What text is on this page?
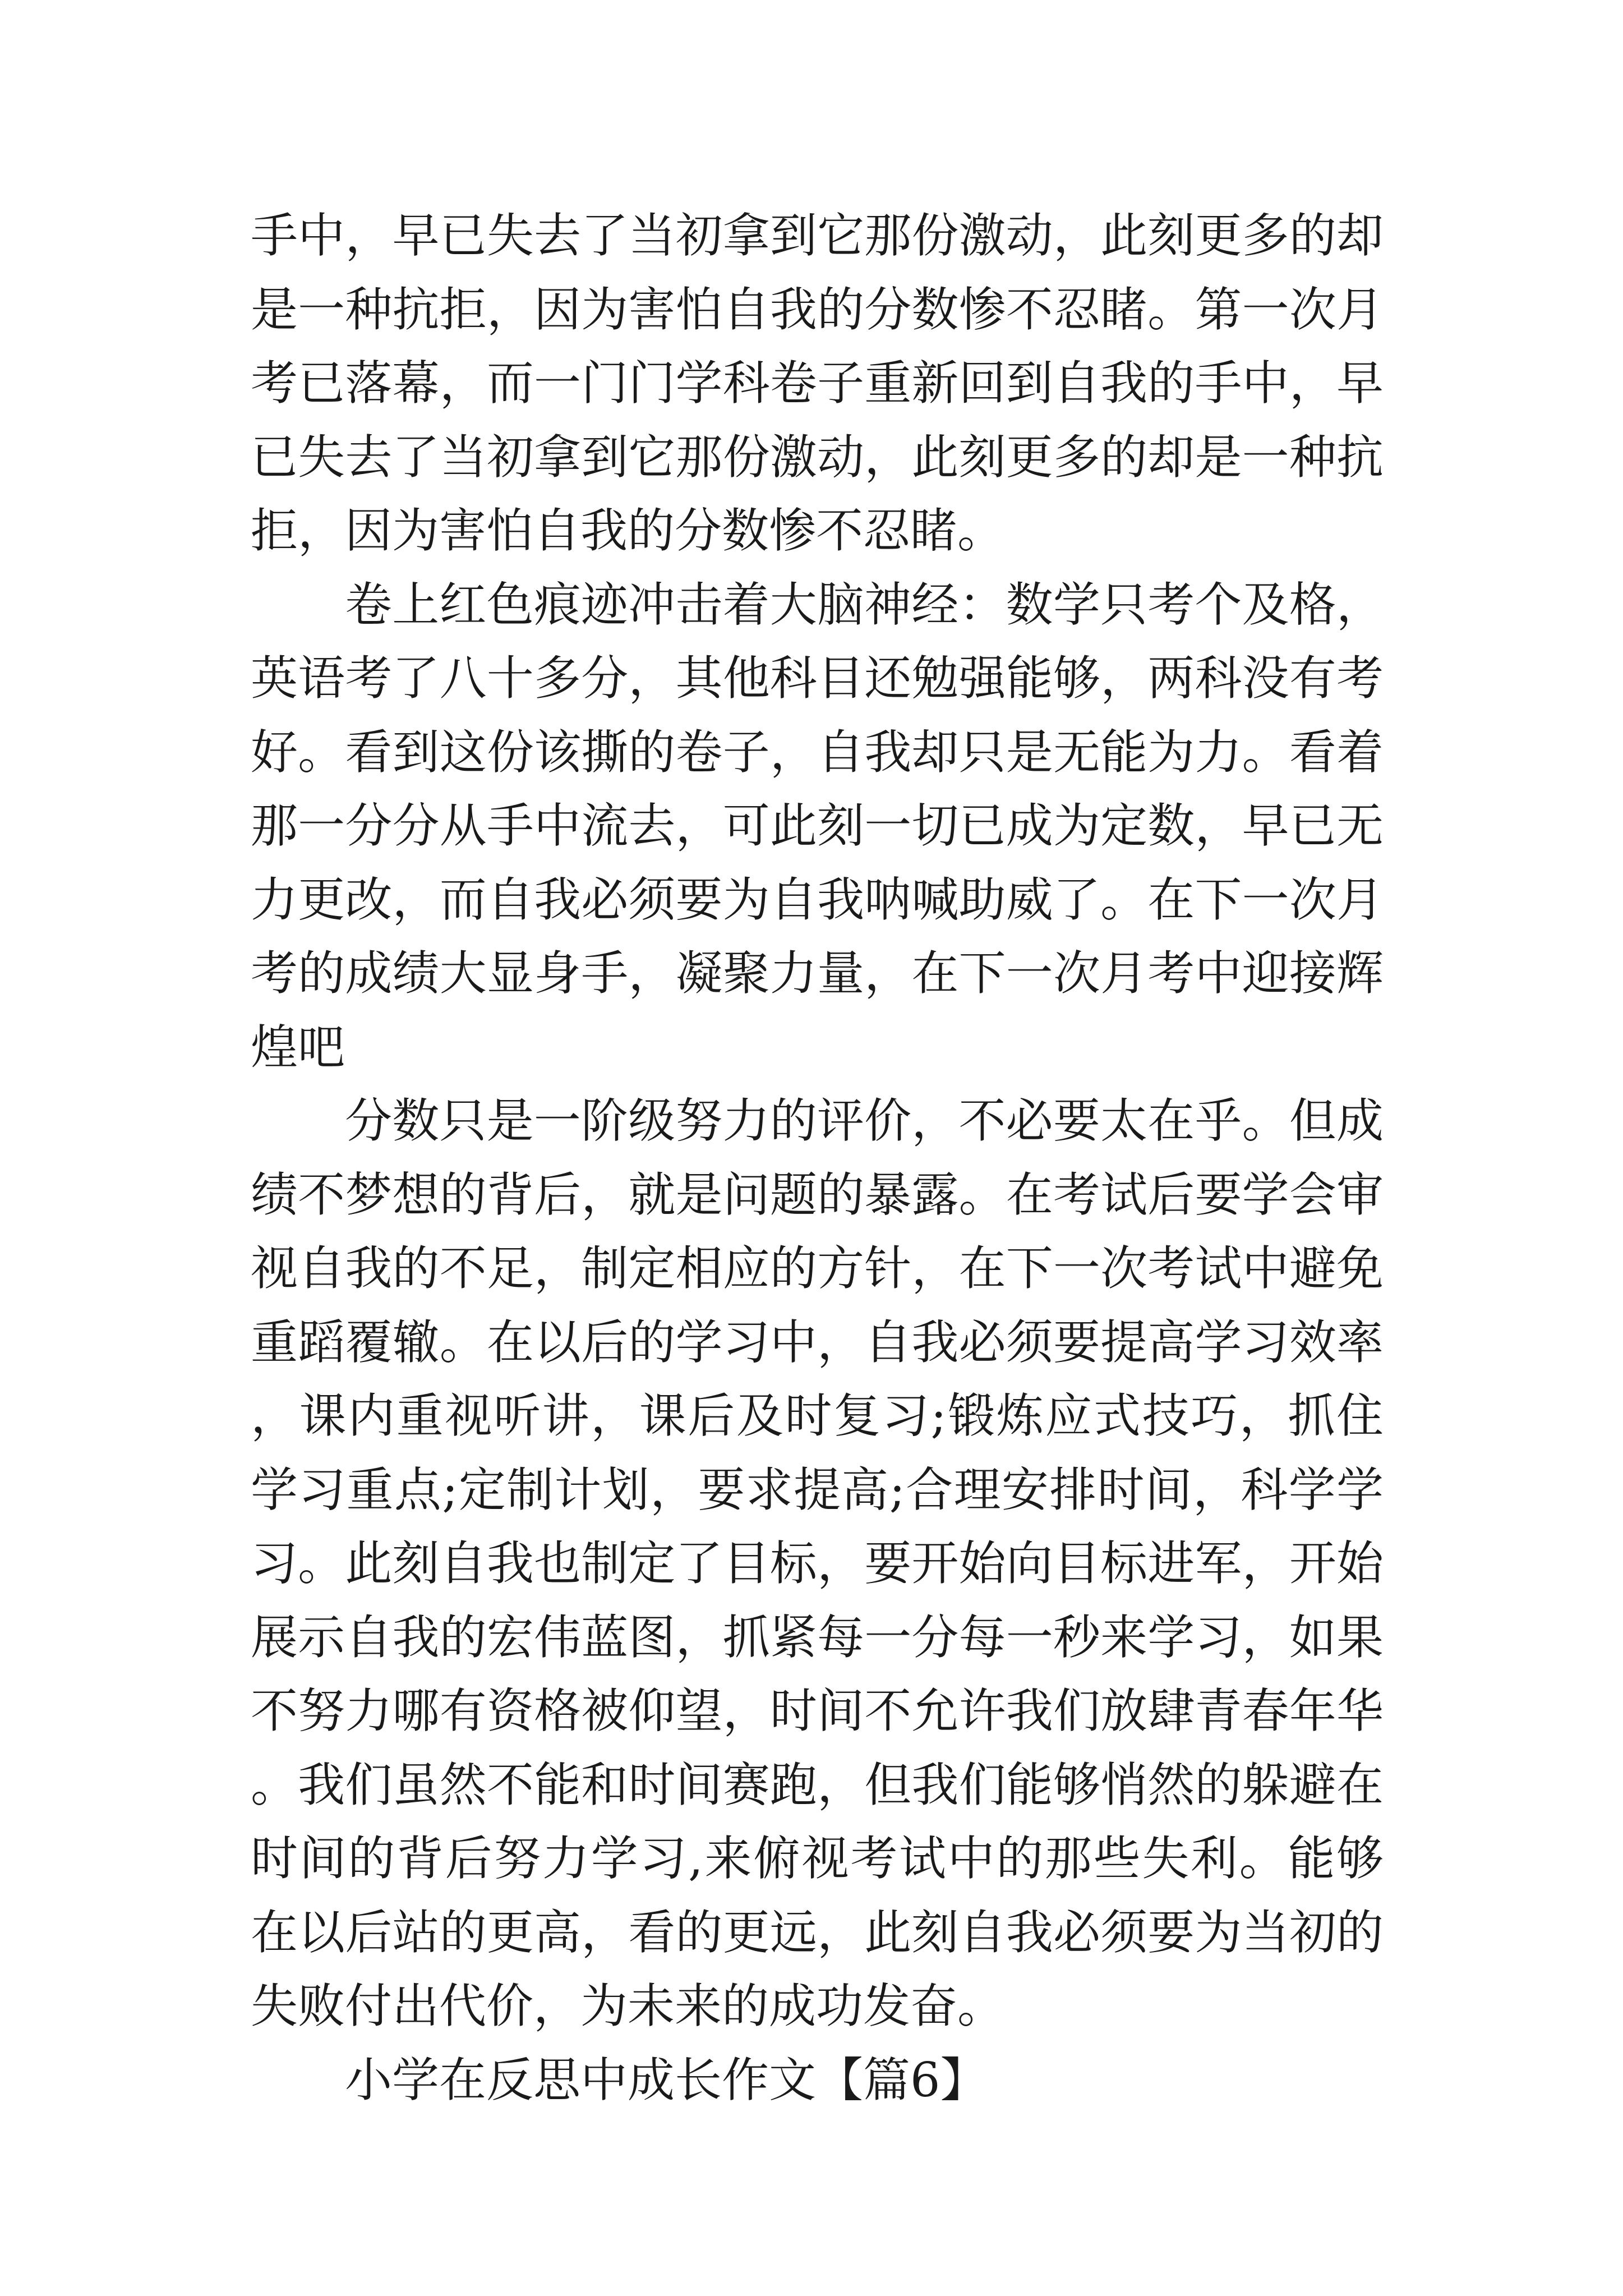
手中，早已失去了当初拿到它那份激动，此刻更多的却是一种抗拒，因为害怕自我的分数惨不忍睹。第一次月考已落幕，而一门门学科卷子重新回到自我的手中，早已失去了当初拿到它那份激动，此刻更多的却是一种抗拒，因为害怕自我的分数惨不忍睹。

卷上红色痕迹冲击着大脑神经：数学只考个及格，英语考了八十多分，其他科目还勉强能够，两科没有考好。看到这份该撕的卷子，自我却只是无能为力。看着那一分分从手中流去，可此刻一切已成为定数，早已无力更改，而自我必须要为自我呐喊助威了。在下一次月考的成绩大显身手，凝聚力量，在下一次月考中迎接辉煌吧

分数只是一阶级努力的评价，不必要太在乎。但成绩不梦想的背后，就是问题的暴露。在考试后要学会审视自我的不足，制定相应的方针，在下一次考试中避免重蹈覆辙。在以后的学习中，自我必须要提高学习效率，课内重视听讲，课后及时复习;锻炼应式技巧，抓住学习重点;定制计划，要求提高;合理安排时间，科学学习。此刻自我也制定了目标，要开始向目标进军，开始展示自我的宏伟蓝图，抓紧每一分每一秒来学习，如果不努力哪有资格被仰望，时间不允许我们放肆青春年华。我们虽然不能和时间赛跑，但我们能够悄然的躲避在时间的背后努力学习,来俯视考试中的那些失利。能够在以后站的更高，看的更远，此刻自我必须要为当初的失败付出代价，为未来的成功发奋。

小学在反思中成长作文【篇6】
